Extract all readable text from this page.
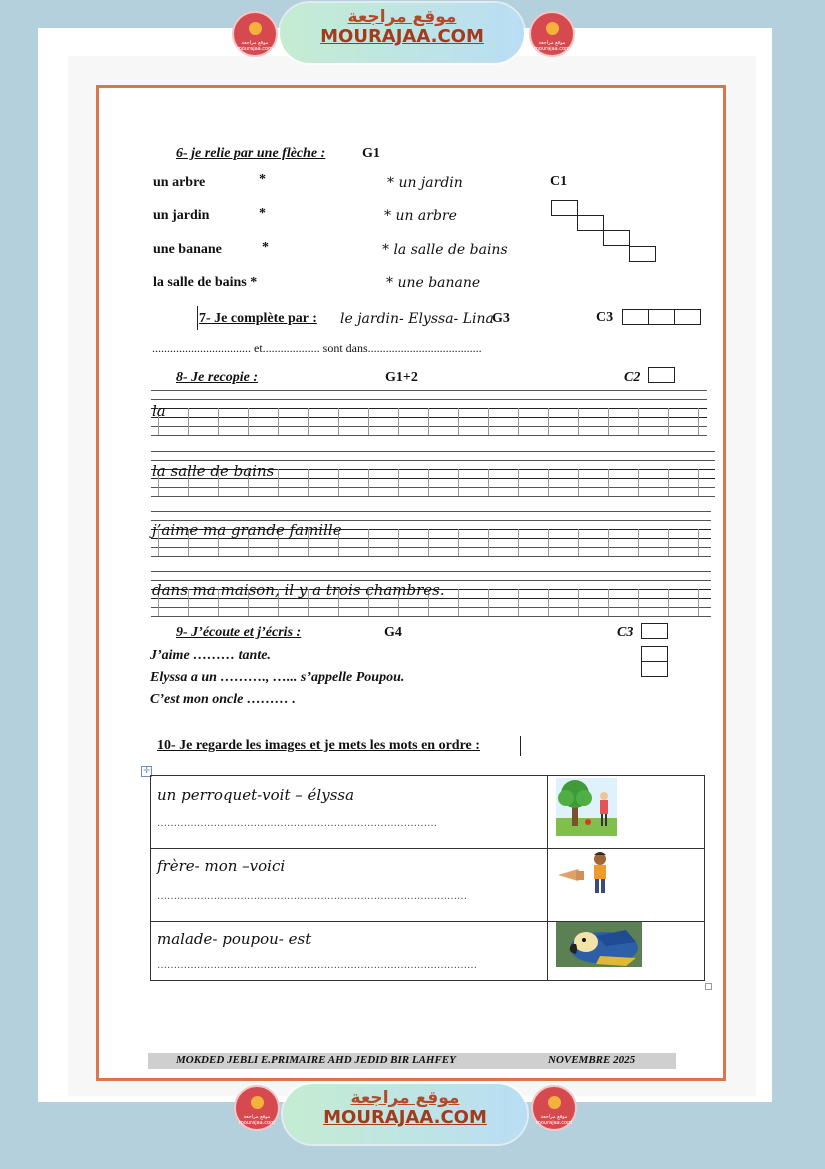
موقع مراجعة mourajaa.com
موقع مراجعة
MOURAJAA.COM	موقع مراجعة mourajaa.com
6- je relie par une flèche :	G1
C1
un arbre
un jardin
une banane
la salle de bains *
*
*
*
* un jardin
* un arbre
* la salle de bains
* une banane
7- Je complète par : le jardin- Elyssa- Lina
G3	C3
................................. et................... sont dans......................................
8- Je recopie :	G1+2	C2
la
la salle de bains
j’aime ma grande famille
dans ma maison, il y a trois chambres.
9- J’écoute et j’écris :	G4	C3
J’aime ……… tante.
Elyssa a un ………., …... s’appelle Poupou.
C’est mon oncle ……… .
10- Je regarde les images et je mets les mots en ordre :
✛
un perroquet-voit – élyssa
…………………………………………………………………………

frère- mon –voici
…………………………………………………………………………………

malade- poupou- est
……………………………………………………………………………………

MOKDED JEBLI E.PRIMAIRE AHD JEDID BIR LAHFEY	NOVEMBRE 2025
موقع مراجعة mourajaa.com
موقع مراجعة
MOURAJAA.COM	موقع مراجعة mourajaa.com
